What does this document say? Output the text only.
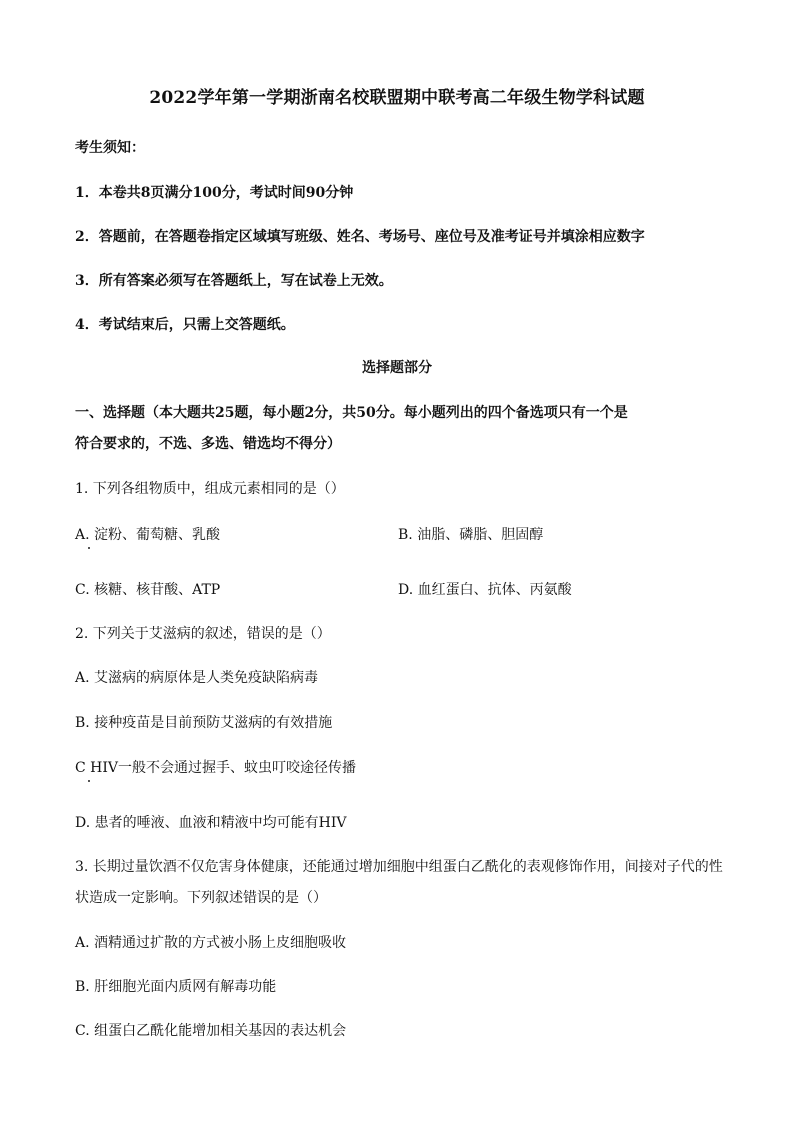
2022学年第一学期浙南名校联盟期中联考高二年级生物学科试题
考生须知：
1．本卷共8页满分100分，考试时间90分钟
2．答题前，在答题卷指定区域填写班级、姓名、考场号、座位号及准考证号并填涂相应数字
3．所有答案必须写在答题纸上，写在试卷上无效。
4．考试结束后，只需上交答题纸。
选择题部分
一、选择题（本大题共25题，每小题2分，共50分。每小题列出的四个备选项只有一个是
符合要求的，不选、多选、错选均不得分）
1. 下列各组物质中，组成元素相同的是（）
A. 淀粉、葡萄糖、乳酸	B. 油脂、磷脂、胆固醇
C. 核糖、核苷酸、ATP	D. 血红蛋白、抗体、丙氨酸
2. 下列关于艾滋病的叙述，错误的是（）
A. 艾滋病的病原体是人类免疫缺陷病毒
B. 接种疫苗是目前预防艾滋病的有效措施
C HIV一般不会通过握手、蚊虫叮咬途径传播
D. 患者的唾液、血液和精液中均可能有HIV
3. 长期过量饮酒不仅危害身体健康，还能通过增加细胞中组蛋白乙酰化的表观修饰作用，间接对子代的性
状造成一定影响。下列叙述错误的是（）
A. 酒精通过扩散的方式被小肠上皮细胞吸收
B. 肝细胞光面内质网有解毒功能
C. 组蛋白乙酰化能增加相关基因的表达机会
